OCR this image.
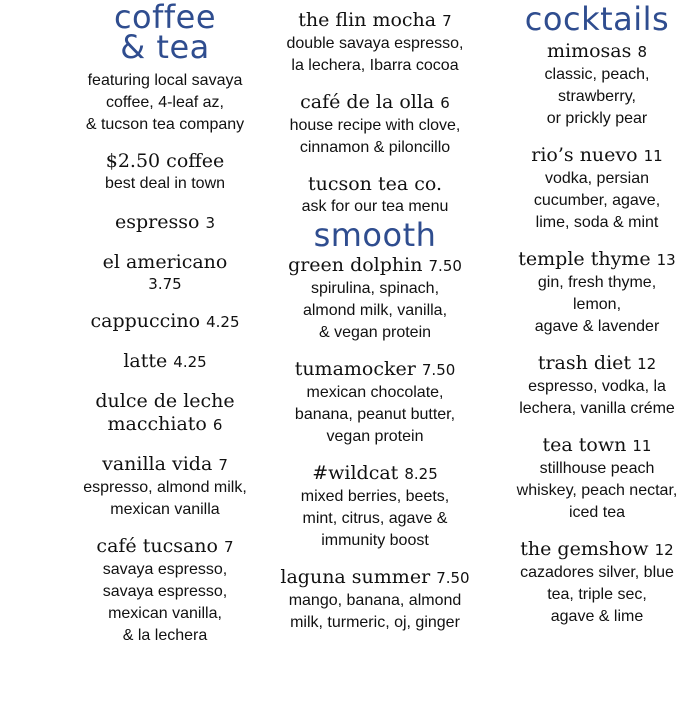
coffee
& tea
featuring local savaya
coffee, 4-leaf az,
& tucson tea company
$2.50 coffee
best deal in town
espresso 3
el americano
3.75
cappuccino 4.25
latte 4.25
dulce de leche
macchiato 6
vanilla vida 7
espresso, almond milk,
mexican vanilla
café tucsano 7
savaya espresso,
savaya espresso,
mexican vanilla,
& la lechera
the flin mocha 7
double savaya espresso,
la lechera, Ibarra cocoa
café de la olla 6
house recipe with clove,
cinnamon & piloncillo
tucson tea co.
ask for our tea menu
smooth
green dolphin 7.50
spirulina, spinach,
almond milk, vanilla,
& vegan protein
tumamocker 7.50
mexican chocolate,
banana, peanut butter,
vegan protein
#wildcat 8.25
mixed berries, beets,
mint, citrus, agave &
immunity boost
laguna summer 7.50
mango, banana, almond
milk, turmeric, oj, ginger
cocktails
mimosas 8
classic, peach,
strawberry,
or prickly pear
rio’s nuevo 11
vodka, persian
cucumber, agave,
lime, soda & mint
temple thyme 13
gin, fresh thyme,
lemon,
agave & lavender
trash diet 12
espresso, vodka, la
lechera, vanilla créme
tea town 11
stillhouse peach
whiskey, peach nectar,
iced tea
the gemshow 12
cazadores silver, blue
tea, triple sec,
agave & lime
